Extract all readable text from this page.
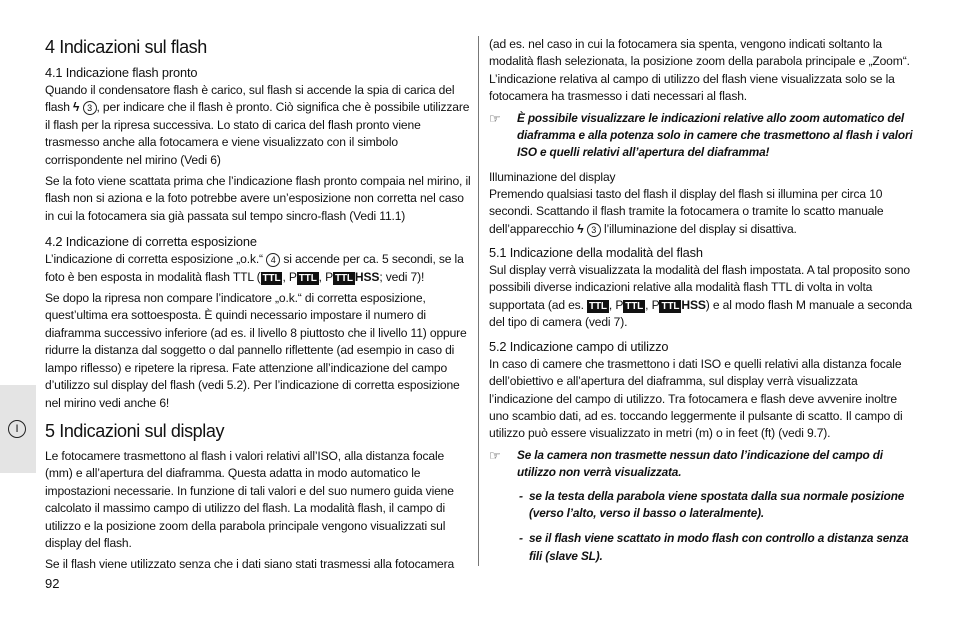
I
4 Indicazioni sul flash
4.1 Indicazione flash pronto

Quando il condensatore flash è carico, sul flash si accende la spia di carica del flash ϟ 3 , per indicare che il flash è pronto. Ciò significa che è possibile utilizzare il flash per la ripresa successiva. Lo stato di carica del flash pronto viene trasmesso anche alla fotocamera e viene visualizzato con il simbolo corrispondente nel mirino (Vedi 6)

Se la foto viene scattata prima che l’indicazione flash pronto compaia nel mirino, il flash non si aziona e la foto potrebbe avere un’esposizione non corretta nel caso in cui la fotocamera sia già passata sul tempo sincro-flash (Vedi 11.1)

4.2 Indicazione di corretta esposizione

L’indicazione di corretta esposizione „o.k.“ 4 si accende per ca. 5 secondi, se la foto è ben esposta in modalità flash TTL ( TTL , P TTL , P TTL HSS; vedi 7)!

Se dopo la ripresa non compare l’indicatore „o.k.“ di corretta esposizione, quest’ultima era sottoesposta. È quindi necessario impostare il numero di diaframma successivo inferiore (ad es. il livello 8 piuttosto che il livello 11) oppure ridurre la distanza dal soggetto o dal pannello riflettente (ad esempio in caso di lampo riflesso) e ripetere la ripresa. Fate attenzione all’indicazione del campo d’utilizzo sul display del flash (vedi 5.2). Per l’indicazione di corretta esposizione nel mirino vedi anche 6!

5 Indicazioni sul display

Le fotocamere trasmettono al flash i valori relativi all’ISO, alla distanza focale (mm) e all’apertura del diaframma. Questa adatta in modo automatico le impostazioni necessarie. In funzione di tali valori e del suo numero guida viene calcolato il massimo campo di utilizzo del flash. La modalità flash, il campo di utilizzo e la posizione zoom della parabola principale vengono visualizzati sul display del flash.

Se il flash viene utilizzato senza che i dati siano stati trasmessi alla fotocamera

92

(ad es. nel caso in cui la fotocamera sia spenta, vengono indicati soltanto la modalità flash selezionata, la posizione zoom della parabola principale e „Zoom“. L’indicazione relativa al campo di utilizzo del flash viene visualizzata solo se la fotocamera ha trasmesso i dati necessari al flash.

☞	È possibile visualizzare le indicazioni relative allo zoom automatico del diaframma e alla potenza solo in camere che trasmettono al flash i valori ISO e quelli relativi all’apertura del diaframma!
Illuminazione del display

Premendo qualsiasi tasto del flash il display del flash si illumina per circa 10 secondi. Scattando il flash tramite la fotocamera o tramite lo scatto manuale dell’apparecchio ϟ 3 l’illuminazione del display si disattiva.

5.1 Indicazione della modalità del flash

Sul display verrà visualizzata la modalità del flash impostata. A tal proposito sono possibili diverse indicazioni relative alla modalità flash TTL di volta in volta supportata (ad es. TTL , P TTL , P TTL HSS) e al modo flash M manuale a seconda del tipo di camera (vedi 7).

5.2 Indicazione campo di utilizzo

In caso di camere che trasmettono i dati ISO e quelli relativi alla distanza focale dell’obiettivo e all’apertura del diaframma, sul display verrà visualizzata l’indicazione del campo di utilizzo. Tra fotocamera e flash deve avvenire inoltre uno scambio dati, ad es. toccando leggermente il pulsante di scatto. Il campo di utilizzo può essere visualizzato in metri (m) o in feet (ft) (vedi 9.7).

☞	Se la camera non trasmette nessun dato l’indicazione del campo di utilizzo non verrà visualizzata.
- se la testa della parabola viene spostata dalla sua normale posizione (verso l’alto, verso il basso o lateralmente).
- se il flash viene scattato in modo flash con controllo a distanza senza fili (slave SL).
